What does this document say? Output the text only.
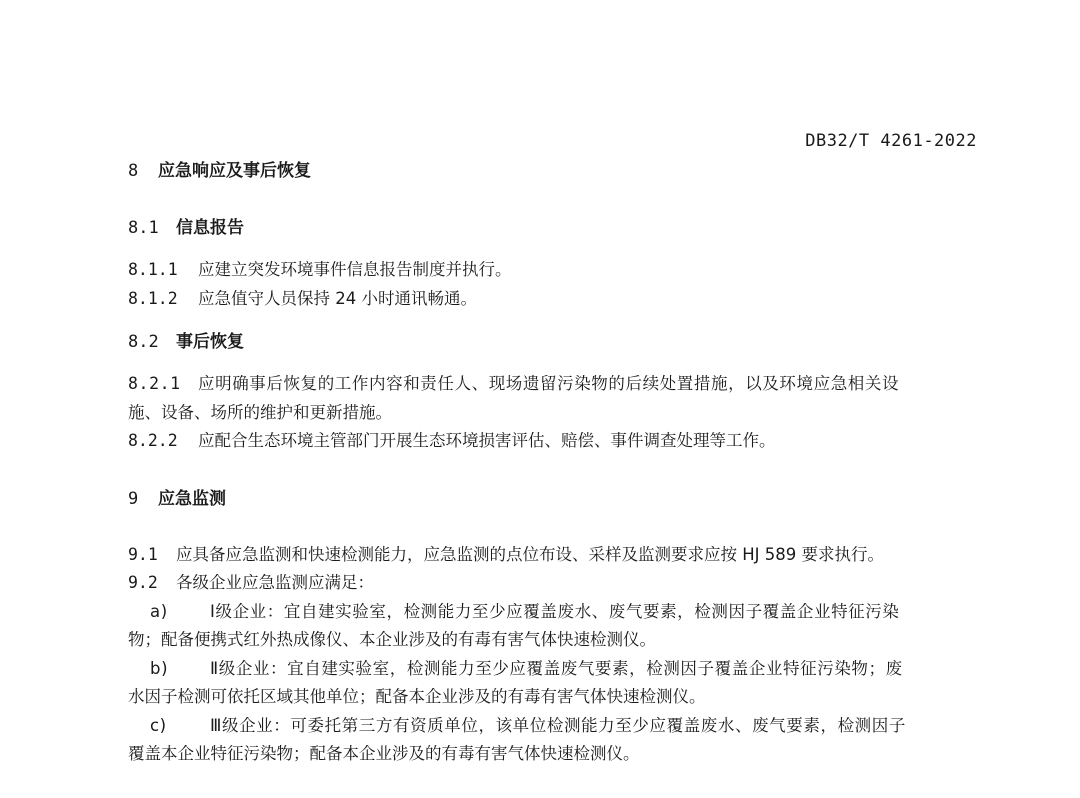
DB32/T 4261-2022
8 应急响应及事后恢复
8.1 信息报告
8.1.1 应建立突发环境事件信息报告制度并执行。
8.1.2 应急值守人员保持 24 小时通讯畅通。
8.2 事后恢复
8.2.1 应明确事后恢复的工作内容和责任人、现场遗留污染物的后续处置措施，以及环境应急相关设
施、设备、场所的维护和更新措施。
8.2.2 应配合生态环境主管部门开展生态环境损害评估、赔偿、事件调查处理等工作。
9 应急监测
9.1 应具备应急监测和快速检测能力，应急监测的点位布设、采样及监测要求应按 HJ 589 要求执行。
9.2 各级企业应急监测应满足：
a)	Ⅰ级企业：宜自建实验室，检测能力至少应覆盖废水、废气要素，检测因子覆盖企业特征污染
物；配备便携式红外热成像仪、本企业涉及的有毒有害气体快速检测仪。
b)	Ⅱ级企业：宜自建实验室，检测能力至少应覆盖废气要素，检测因子覆盖企业特征污染物；废
水因子检测可依托区域其他单位；配备本企业涉及的有毒有害气体快速检测仪。
c)	Ⅲ级企业：可委托第三方有资质单位，该单位检测能力至少应覆盖废水、废气要素，检测因子
覆盖本企业特征污染物；配备本企业涉及的有毒有害气体快速检测仪。
